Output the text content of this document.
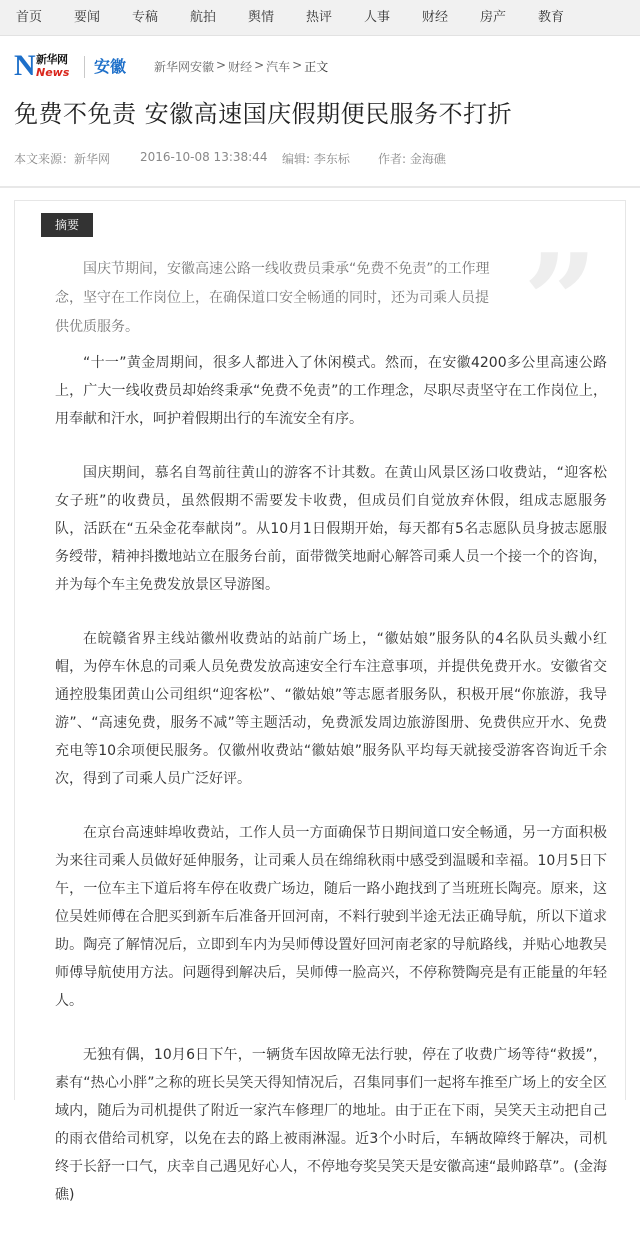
首页 要闻 专稿 航拍 舆情 热评 人事 财经 房产 教育
N 新华网
News 安徽 新华网安徽 > 财经 > 汽车 > 正文
免费不免责 安徽高速国庆假期便民服务不打折
本文来源：新华网 2016-10-08 13:38:44 编辑: 李东标 作者: 金海礁
摘要	”

国庆节期间，安徽高速公路一线收费员秉承“免费不免责”的工作理念，坚守在工作岗位上，在确保道口安全畅通的同时，还为司乘人员提供优质服务。

“十一”黄金周期间，很多人都进入了休闲模式。然而，在安徽4200多公里高速公路上，广大一线收费员却始终秉承“免费不免责”的工作理念，尽职尽责坚守在工作岗位上，用奉献和汗水，呵护着假期出行的车流安全有序。

国庆期间，慕名自驾前往黄山的游客不计其数。在黄山风景区汤口收费站，“迎客松女子班”的收费员，虽然假期不需要发卡收费，但成员们自觉放弃休假，组成志愿服务队，活跃在“五朵金花奉献岗”。从10月1日假期开始，每天都有5名志愿队员身披志愿服务绶带，精神抖擞地站立在服务台前，面带微笑地耐心解答司乘人员一个接一个的咨询，并为每个车主免费发放景区导游图。

在皖赣省界主线站徽州收费站的站前广场上，“徽姑娘”服务队的4名队员头戴小红帽，为停车休息的司乘人员免费发放高速安全行车注意事项，并提供免费开水。安徽省交通控股集团黄山公司组织“迎客松”、“徽姑娘”等志愿者服务队，积极开展“你旅游，我导游”、“高速免费，服务不减”等主题活动，免费派发周边旅游图册、免费供应开水、免费充电等10余项便民服务。仅徽州收费站“徽姑娘”服务队平均每天就接受游客咨询近千余次，得到了司乘人员广泛好评。

在京台高速蚌埠收费站，工作人员一方面确保节日期间道口安全畅通，另一方面积极为来往司乘人员做好延伸服务，让司乘人员在绵绵秋雨中感受到温暖和幸福。10月5日下午，一位车主下道后将车停在收费广场边，随后一路小跑找到了当班班长陶亮。原来，这位吴姓师傅在合肥买到新车后准备开回河南，不料行驶到半途无法正确导航，所以下道求助。陶亮了解情况后，立即到车内为吴师傅设置好回河南老家的导航路线，并贴心地教吴师傅导航使用方法。问题得到解决后，吴师傅一脸高兴，不停称赞陶亮是有正能量的年轻人。

无独有偶，10月6日下午，一辆货车因故障无法行驶，停在了收费广场等待“救援”，素有“热心小胖”之称的班长吴笑天得知情况后，召集同事们一起将车推至广场上的安全区域内，随后为司机提供了附近一家汽车修理厂的地址。由于正在下雨，吴笑天主动把自己的雨衣借给司机穿，以免在去的路上被雨淋湿。近3个小时后，车辆故障终于解决，司机终于长舒一口气，庆幸自己遇见好心人，不停地夸奖吴笑天是安徽高速“最帅路草”。(金海礁)
